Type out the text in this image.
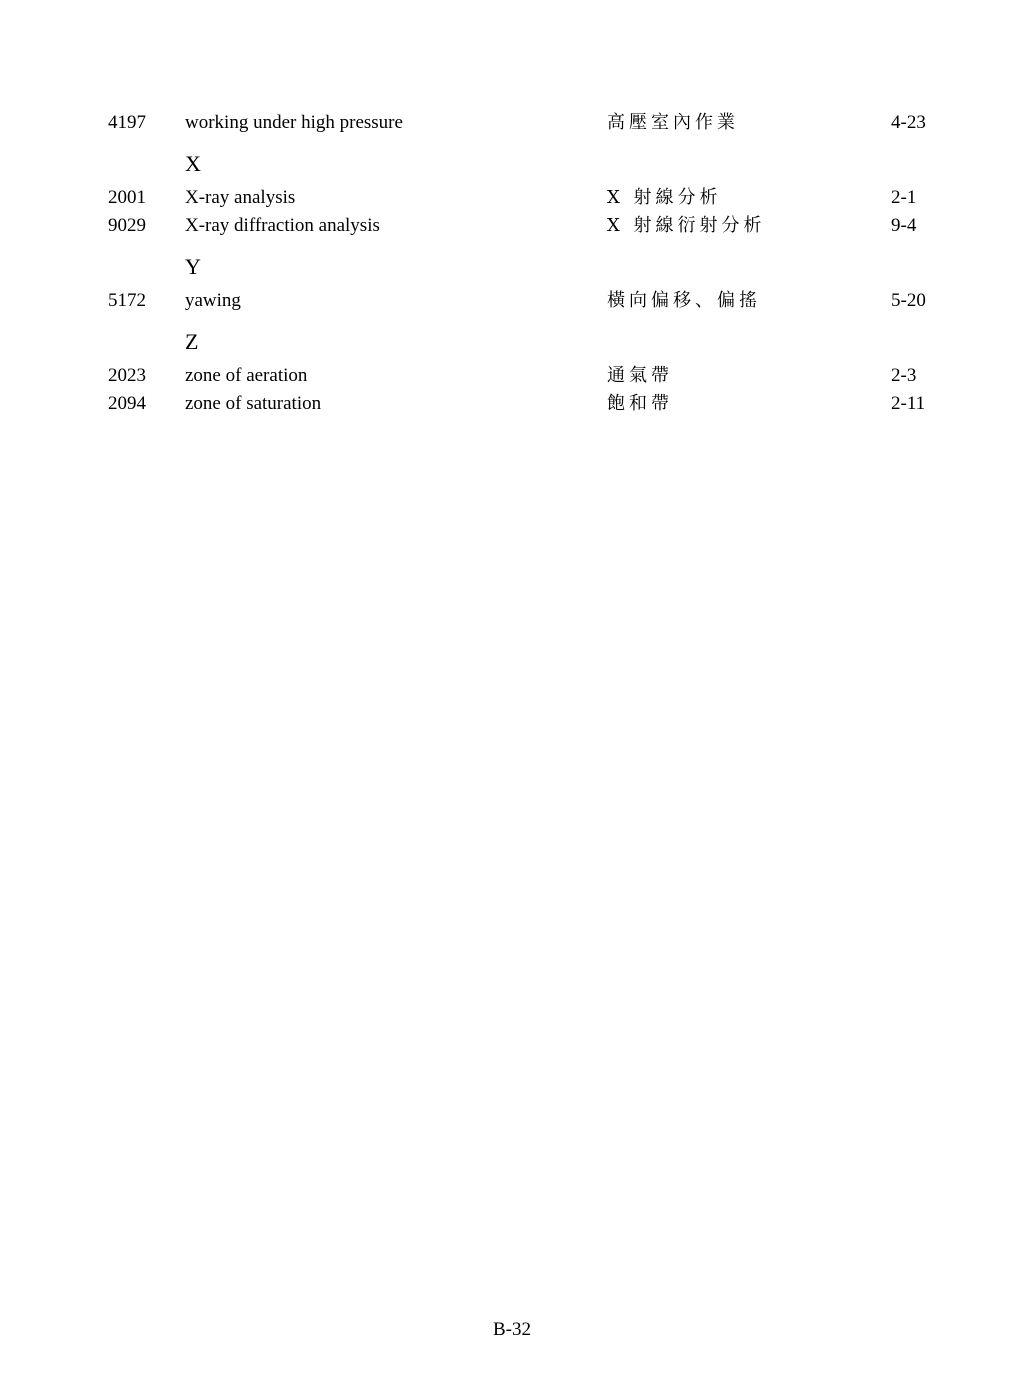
4197 working under high pressure	高壓室內作業	4-23
X
2001 X-ray analysis	X 射線分析	2-1
9029 X-ray diffraction analysis	X 射線衍射分析	9-4
Y
5172 yawing	橫向偏移、偏搖	5-20
Z
2023 zone of aeration	通氣帶	2-3
2094 zone of saturation	飽和帶	2-11
B-32
